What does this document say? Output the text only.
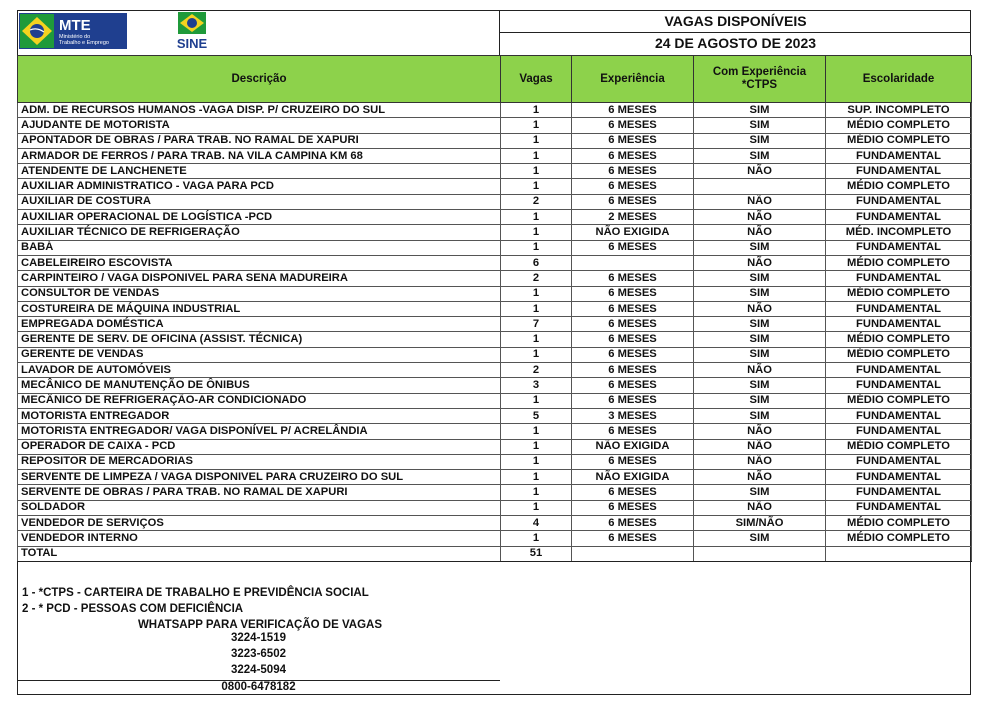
MTE
Ministério do
Trabalho e Emprego	SINE
VAGAS DISPONÍVEIS
24 DE AGOSTO DE 2023
Descrição	Vagas	Experiência	Com Experiência *CTPS	Escolaridade
ADM. DE RECURSOS HUMANOS -VAGA DISP. P/ CRUZEIRO DO SUL	1	6 MESES	SIM	SUP. INCOMPLETO
AJUDANTE DE MOTORISTA	1	6 MESES	SIM	MÉDIO COMPLETO
APONTADOR DE OBRAS / PARA TRAB. NO RAMAL DE XAPURI	1	6 MESES	SIM	MÉDIO COMPLETO
ARMADOR DE FERROS / PARA TRAB. NA VILA CAMPINA KM 68	1	6 MESES	SIM	FUNDAMENTAL
ATENDENTE DE LANCHENETE	1	6 MESES	NÃO	FUNDAMENTAL
AUXILIAR ADMINISTRATICO - VAGA PARA PCD	1	6 MESES		MÉDIO COMPLETO
AUXILIAR DE COSTURA	2	6 MESES	NÃO	FUNDAMENTAL
AUXILIAR OPERACIONAL DE LOGÍSTICA -PCD	1	2 MESES	NÃO	FUNDAMENTAL
AUXILIAR TÉCNICO DE REFRIGERAÇÃO	1	NÃO EXIGIDA	NÃO	MÉD. INCOMPLETO
BABÁ	1	6 MESES	SIM	FUNDAMENTAL
CABELEIREIRO ESCOVISTA	6		NÃO	MÉDIO COMPLETO
CARPINTEIRO / VAGA DISPONIVEL PARA SENA MADUREIRA	2	6 MESES	SIM	FUNDAMENTAL
CONSULTOR DE VENDAS	1	6 MESES	SIM	MÉDIO COMPLETO
COSTUREIRA DE MÁQUINA INDUSTRIAL	1	6 MESES	NÃO	FUNDAMENTAL
EMPREGADA DOMÉSTICA	7	6 MESES	SIM	FUNDAMENTAL
GERENTE DE SERV. DE OFICINA (ASSIST. TÉCNICA)	1	6 MESES	SIM	MÉDIO COMPLETO
GERENTE DE VENDAS	1	6 MESES	SIM	MÉDIO COMPLETO
LAVADOR DE AUTOMÓVEIS	2	6 MESES	NÃO	FUNDAMENTAL
MECÂNICO DE MANUTENÇÃO DE ÔNIBUS	3	6 MESES	SIM	FUNDAMENTAL
MECÂNICO DE REFRIGERAÇÃO-AR CONDICIONADO	1	6 MESES	SIM	MÉDIO COMPLETO
MOTORISTA ENTREGADOR	5	3 MESES	SIM	FUNDAMENTAL
MOTORISTA ENTREGADOR/ VAGA DISPONÍVEL P/ ACRELÂNDIA	1	6 MESES	NÃO	FUNDAMENTAL
OPERADOR DE CAIXA - PCD	1	NÃO EXIGIDA	NÃO	MÉDIO COMPLETO
REPOSITOR DE MERCADORIAS	1	6 MESES	NÃO	FUNDAMENTAL
SERVENTE DE LIMPEZA / VAGA DISPONIVEL PARA CRUZEIRO DO SUL	1	NÃO EXIGIDA	NÃO	FUNDAMENTAL
SERVENTE DE OBRAS / PARA TRAB. NO RAMAL DE XAPURI	1	6 MESES	SIM	FUNDAMENTAL
SOLDADOR	1	6 MESES	NÃO	FUNDAMENTAL
VENDEDOR DE SERVIÇOS	4	6 MESES	SIM/NÃO	MÉDIO COMPLETO
VENDEDOR INTERNO	1	6 MESES	SIM	MÉDIO COMPLETO
TOTAL	51			
1 - *CTPS - CARTEIRA DE TRABALHO E PREVIDÊNCIA SOCIAL
2 - * PCD - PESSOAS COM DEFICIÊNCIA
WHATSAPP PARA VERIFICAÇÃO DE VAGAS
3224-1519
3223-6502
3224-5094
0800-6478182
